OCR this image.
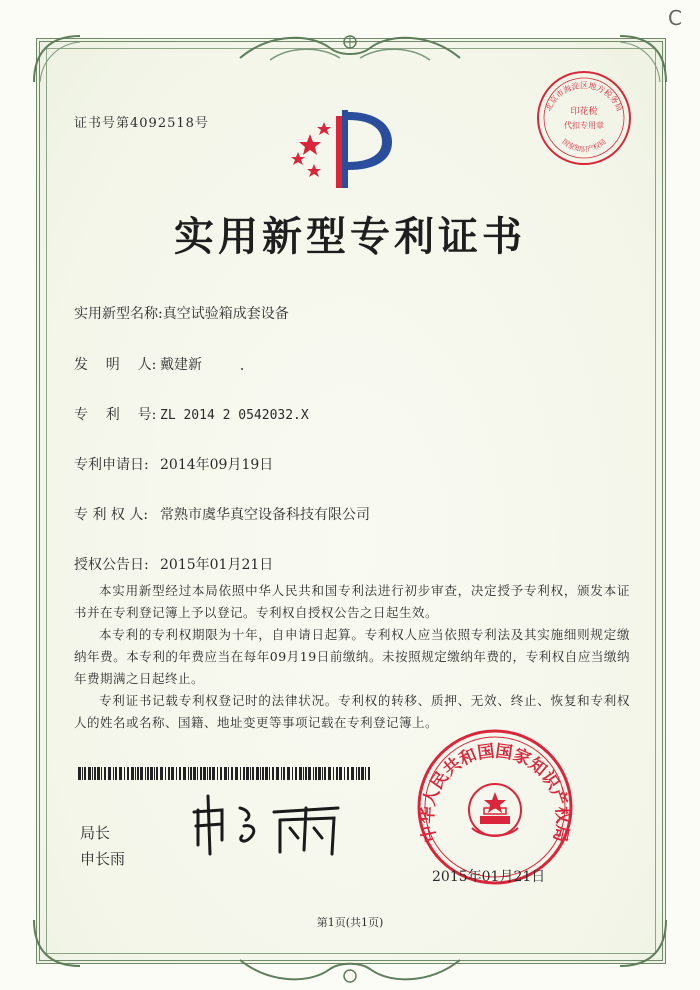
C
北京市海淀区地方税务局
印花税
代扣专用章
国家知识产权局
证书号第4092518号
实用新型专利证书
实用新型名称:真空试验箱成套设备
发    明    人: 戴建新
专    利    号: ZL 2014 2 0542032.X
专利申请日: 2014年09月19日
专 利 权 人: 常熟市虞华真空设备科技有限公司
授权公告日: 2015年01月21日

本实用新型经过本局依照中华人民共和国专利法进行初步审查，决定授予专利权，颁发本证书并在专利登记簿上予以登记。专利权自授权公告之日起生效。

本专利的专利权期限为十年，自申请日起算。专利权人应当依照专利法及其实施细则规定缴纳年费。本专利的年费应当在每年09月19日前缴纳。未按照规定缴纳年费的，专利权自应当缴纳年费期满之日起终止。

专利证书记载专利权登记时的法律状况。专利权的转移、质押、无效、终止、恢复和专利权人的姓名或名称、国籍、地址变更等事项记载在专利登记簿上。

局长
申长雨
中华人民共和国国家知识产权局
2015年01月21日
第1页(共1页)
